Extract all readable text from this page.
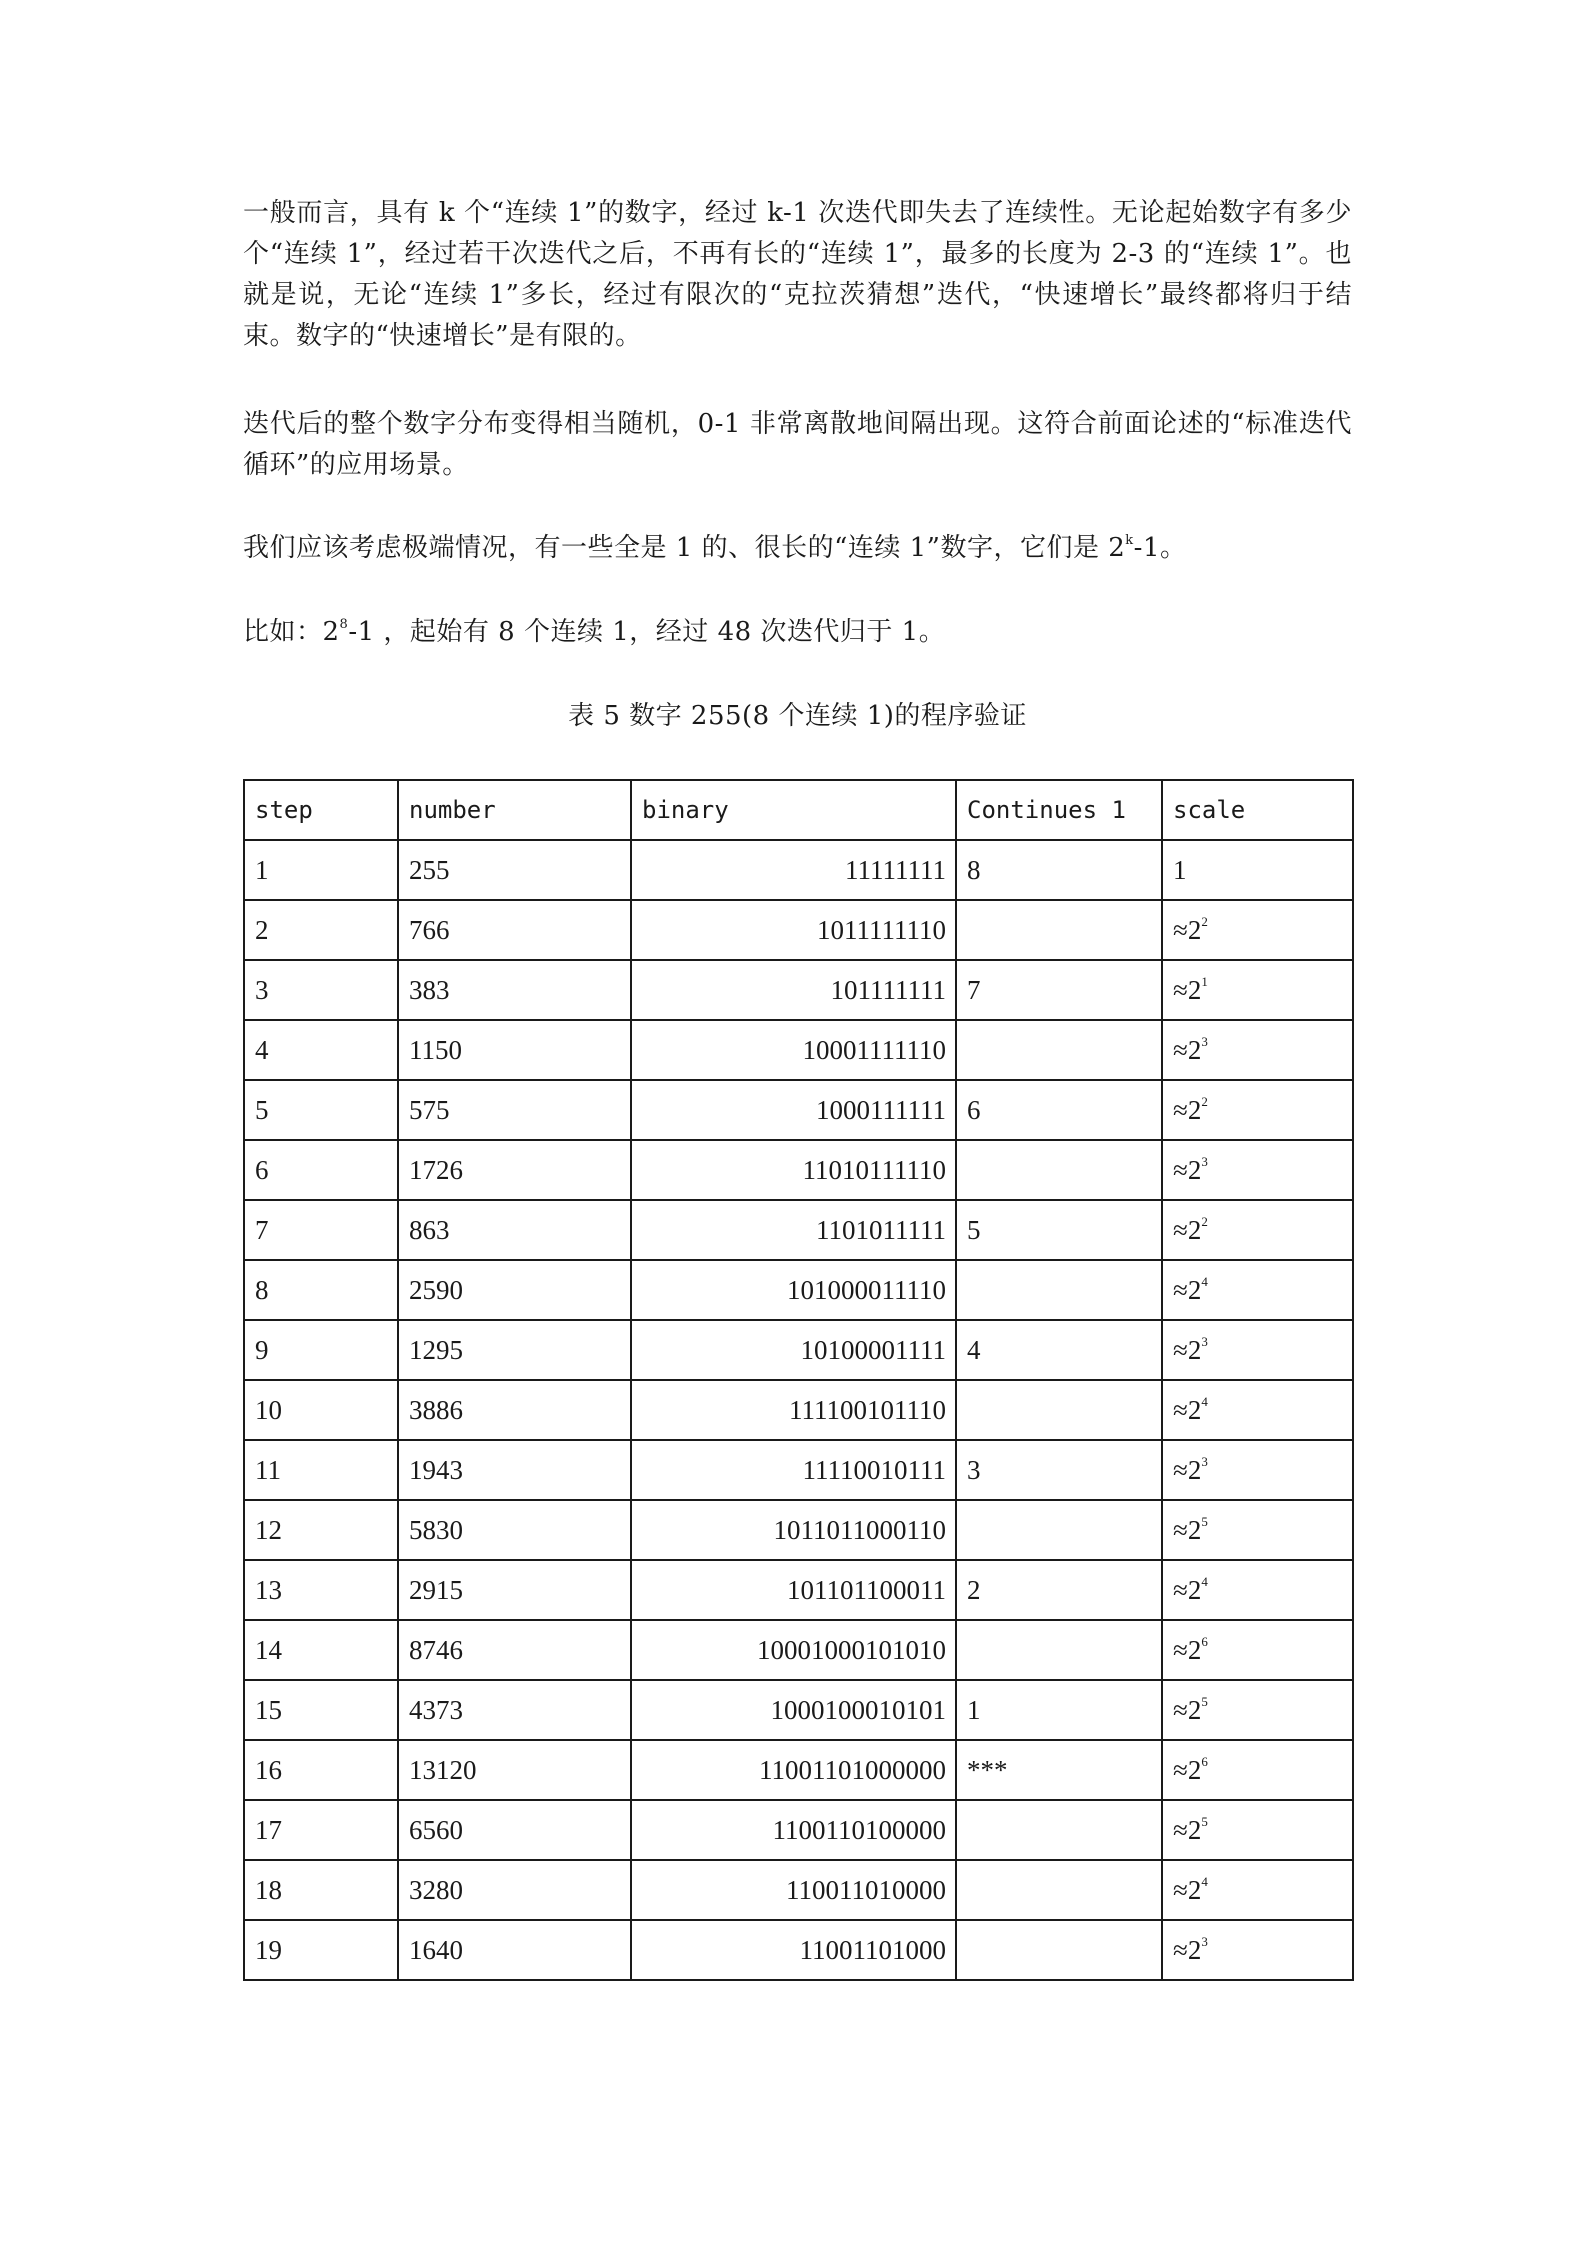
一般而言，具有 k 个“连续 1”的数字，经过 k-1 次迭代即失去了连续性。无论起始数字有多少个“连续 1”，经过若干次迭代之后，不再有长的“连续 1”，最多的长度为 2-3 的“连续 1”。也就是说，无论“连续 1”多长，经过有限次的“克拉茨猜想”迭代，“快速增长”最终都将归于结束。数字的“快速增长”是有限的。

迭代后的整个数字分布变得相当随机，0-1 非常离散地间隔出现。这符合前面论述的“标准迭代循环”的应用场景。

我们应该考虑极端情况，有一些全是 1 的、很长的“连续 1”数字，它们是 2$^k$-1。

比如：$2^8-1$ ，起始有 8 个连续 1，经过 48 次迭代归于 1。

表 5 数字 255(8 个连续 1)的程序验证

step	number	binary	Continues 1	scale
1	255	11111111	8	1
2	766	1011111110		$\approx 2^2$
3	383	101111111	7	$\approx 2^1$
4	1150	10001111110		$\approx 2^3$
5	575	1000111111	6	$\approx 2^2$
6	1726	11010111110		$\approx 2^3$
7	863	1101011111	5	$\approx 2^2$
8	2590	101000011110		$\approx 2^4$
9	1295	10100001111	4	$\approx 2^3$
10	3886	111100101110		$\approx 2^4$
11	1943	11110010111	3	$\approx 2^3$
12	5830	1011011000110		$\approx 2^5$
13	2915	101101100011	2	$\approx 2^4$
14	8746	10001000101010		$\approx 2^6$
15	4373	1000100010101	1	$\approx 2^5$
16	13120	11001101000000	***	$\approx 2^6$
17	6560	1100110100000		$\approx 2^5$
18	3280	110011010000		$\approx 2^4$
19	1640	11001101000		$\approx 2^3$
